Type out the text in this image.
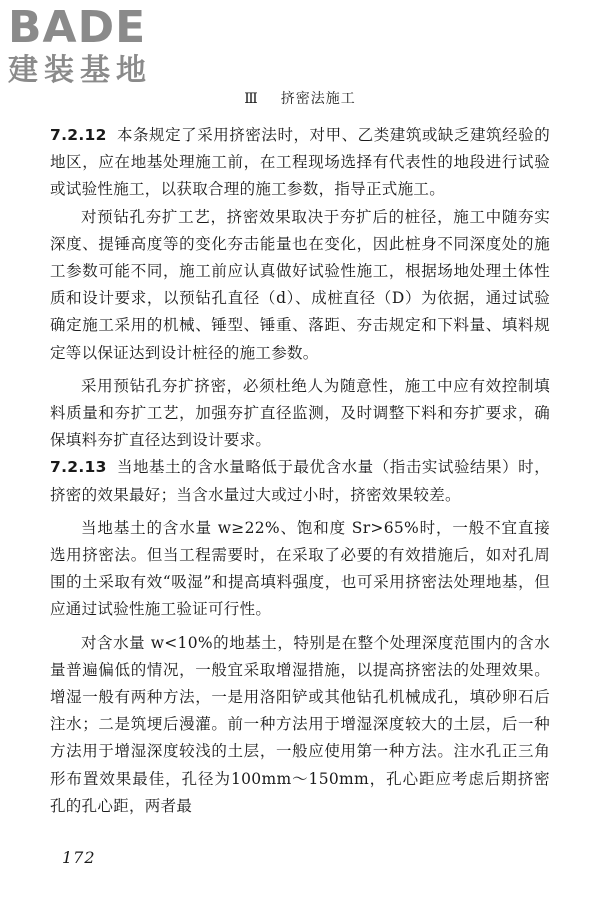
BADE
建装基地
Ⅲ 挤密法施工

7.2.12 本条规定了采用挤密法时，对甲、乙类建筑或缺乏建筑经验的地区，应在地基处理施工前，在工程现场选择有代表性的地段进行试验或试验性施工，以获取合理的施工参数，指导正式施工。

对预钻孔夯扩工艺，挤密效果取决于夯扩后的桩径，施工中随夯实深度、提锤高度等的变化夯击能量也在变化，因此桩身不同深度处的施工参数可能不同，施工前应认真做好试验性施工，根据场地处理土体性质和设计要求，以预钻孔直径（d）、成桩直径（D）为依据，通过试验确定施工采用的机械、锤型、锤重、落距、夯击规定和下料量、填料规定等以保证达到设计桩径的施工参数。

采用预钻孔夯扩挤密，必须杜绝人为随意性，施工中应有效控制填料质量和夯扩工艺，加强夯扩直径监测，及时调整下料和夯扩要求，确保填料夯扩直径达到设计要求。

7.2.13 当地基土的含水量略低于最优含水量（指击实试验结果）时，挤密的效果最好；当含水量过大或过小时，挤密效果较差。

当地基土的含水量 w≥22%、饱和度 Sr>65%时，一般不宜直接选用挤密法。但当工程需要时，在采取了必要的有效措施后，如对孔周围的土采取有效“吸湿”和提高填料强度，也可采用挤密法处理地基，但应通过试验性施工验证可行性。

对含水量 w<10%的地基土，特别是在整个处理深度范围内的含水量普遍偏低的情况，一般宜采取增湿措施，以提高挤密法的处理效果。增湿一般有两种方法，一是用洛阳铲或其他钻孔机械成孔，填砂卵石后注水；二是筑埂后漫灌。前一种方法用于增湿深度较大的土层，后一种方法用于增湿深度较浅的土层，一般应使用第一种方法。注水孔正三角形布置效果最佳，孔径为100mm～150mm，孔心距应考虑后期挤密孔的孔心距，两者最

172
